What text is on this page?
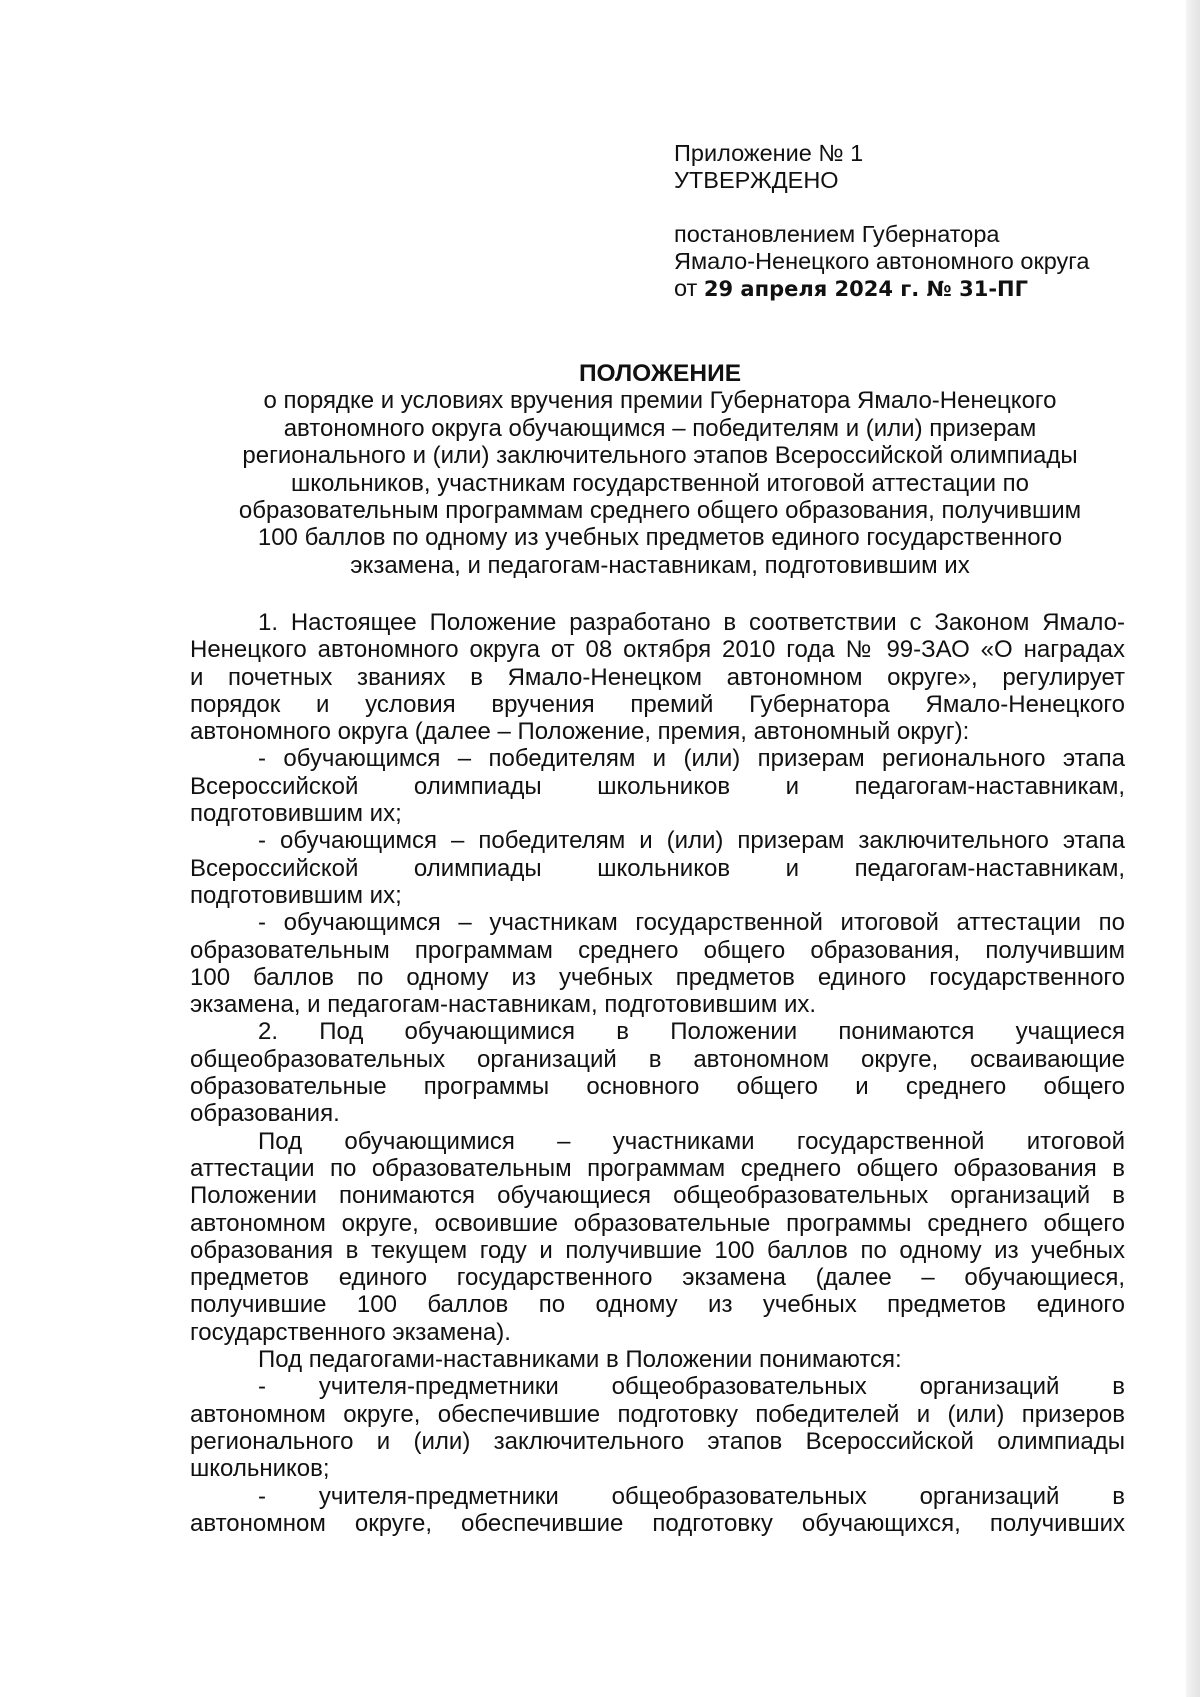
Приложение № 1
УТВЕРЖДЕНО
постановлением Губернатора
Ямало-Ненецкого автономного округа
от 29 апреля 2024 г. № 31-ПГ
ПОЛОЖЕНИЕ
о порядке и условиях вручения премии Губернатора Ямало-Ненецкого
автономного округа обучающимся – победителям и (или) призерам
регионального и (или) заключительного этапов Всероссийской олимпиады
школьников, участникам государственной итоговой аттестации по
образовательным программам среднего общего образования, получившим
100 баллов по одному из учебных предметов единого государственного
экзамена, и педагогам-наставникам, подготовившим их
1. Настоящее Положение разработано в соответствии с Законом Ямало-
Ненецкого автономного округа от 08 октября 2010 года № 99-ЗАО «О наградах
и почетных званиях в Ямало-Ненецком автономном округе», регулирует
порядок и условия вручения премий Губернатора Ямало-Ненецкого
автономного округа (далее – Положение, премия, автономный округ):
- обучающимся – победителям и (или) призерам регионального этапа
Всероссийской олимпиады школьников и педагогам-наставникам,
подготовившим их;
- обучающимся – победителям и (или) призерам заключительного этапа
Всероссийской олимпиады школьников и педагогам-наставникам,
подготовившим их;
- обучающимся – участникам государственной итоговой аттестации по
образовательным программам среднего общего образования, получившим
100 баллов по одному из учебных предметов единого государственного
экзамена, и педагогам-наставникам, подготовившим их.
2. Под обучающимися в Положении понимаются учащиеся
общеобразовательных организаций в автономном округе, осваивающие
образовательные программы основного общего и среднего общего
образования.
Под обучающимися – участниками государственной итоговой
аттестации по образовательным программам среднего общего образования в
Положении понимаются обучающиеся общеобразовательных организаций в
автономном округе, освоившие образовательные программы среднего общего
образования в текущем году и получившие 100 баллов по одному из учебных
предметов единого государственного экзамена (далее – обучающиеся,
получившие 100 баллов по одному из учебных предметов единого
государственного экзамена).
Под педагогами-наставниками в Положении понимаются:
- учителя-предметники общеобразовательных организаций в
автономном округе, обеспечившие подготовку победителей и (или) призеров
регионального и (или) заключительного этапов Всероссийской олимпиады
школьников;
- учителя-предметники общеобразовательных организаций в
автономном округе, обеспечившие подготовку обучающихся, получивших
